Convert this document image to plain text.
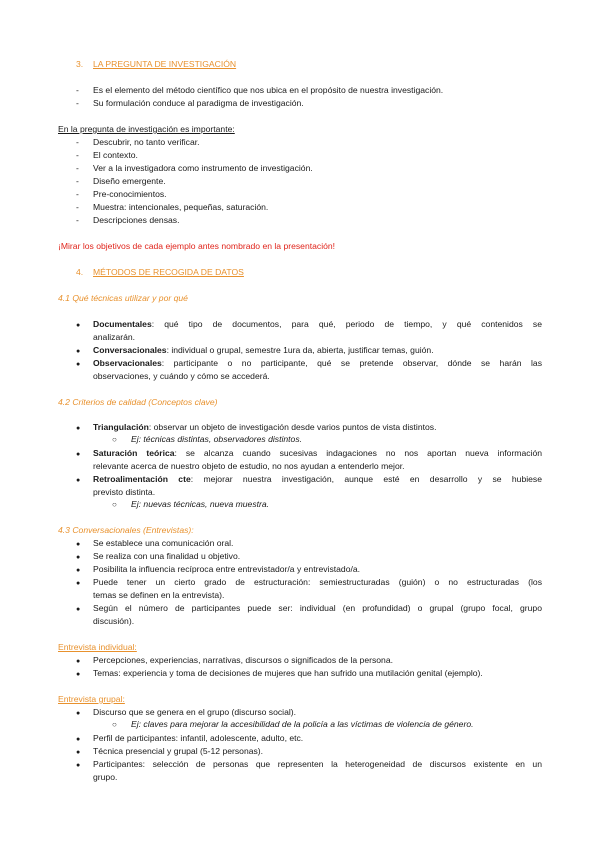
3. LA PREGUNTA DE INVESTIGACIÓN
- Es el elemento del método científico que nos ubica en el propósito de nuestra investigación.
- Su formulación conduce al paradigma de investigación.
En la pregunta de investigación es importante:
- Descubrir, no tanto verificar.
- El contexto.
- Ver a la investigadora como instrumento de investigación.
- Diseño emergente.
- Pre-conocimientos.
- Muestra: intencionales, pequeñas, saturación.
- Descripciones densas.
¡Mirar los objetivos de cada ejemplo antes nombrado en la presentación!
4. MÉTODOS DE RECOGIDA DE DATOS
4.1 Qué técnicas utilizar y por qué
●
Documentales: qué tipo de documentos, para qué, periodo de tiempo, y qué contenidos se
analizarán.
●
Conversacionales: individual o grupal, semestre 1ura da, abierta, justificar temas, guión.
●
Observacionales: participante o no participante, qué se pretende observar, dónde se harán las
observaciones, y cuándo y cómo se accederá.
4.2 Criterios de calidad (Conceptos clave)
●
Triangulación: observar un objeto de investigación desde varios puntos de vista distintos.
○
Ej: técnicas distintas, observadores distintos.
●
Saturación teórica: se alcanza cuando sucesivas indagaciones no nos aportan nueva información
relevante acerca de nuestro objeto de estudio, no nos ayudan a entenderlo mejor.
●
Retroalimentación cte: mejorar nuestra investigación, aunque esté en desarrollo y se hubiese
previsto distinta.
○
Ej: nuevas técnicas, nueva muestra.
4.3 Conversacionales (Entrevistas):
●
Se establece una comunicación oral.
●
Se realiza con una finalidad u objetivo.
●
Posibilita la influencia recíproca entre entrevistador/a y entrevistado/a.
●
Puede tener un cierto grado de estructuración: semiestructuradas (guión) o no estructuradas (los
temas se definen en la entrevista).
●
Según el número de participantes puede ser: individual (en profundidad) o grupal (grupo focal, grupo
discusión).
Entrevista individual:
●
Percepciones, experiencias, narrativas, discursos o significados de la persona.
●
Temas: experiencia y toma de decisiones de mujeres que han sufrido una mutilación genital (ejemplo).
Entrevista grupal:
●
Discurso que se genera en el grupo (discurso social).
○
Ej: claves para mejorar la accesibilidad de la policía a las víctimas de violencia de género.
●
Perfil de participantes: infantil, adolescente, adulto, etc.
●
Técnica presencial y grupal (5-12 personas).
●
Participantes: selección de personas que representen la heterogeneidad de discursos existente en un
grupo.
